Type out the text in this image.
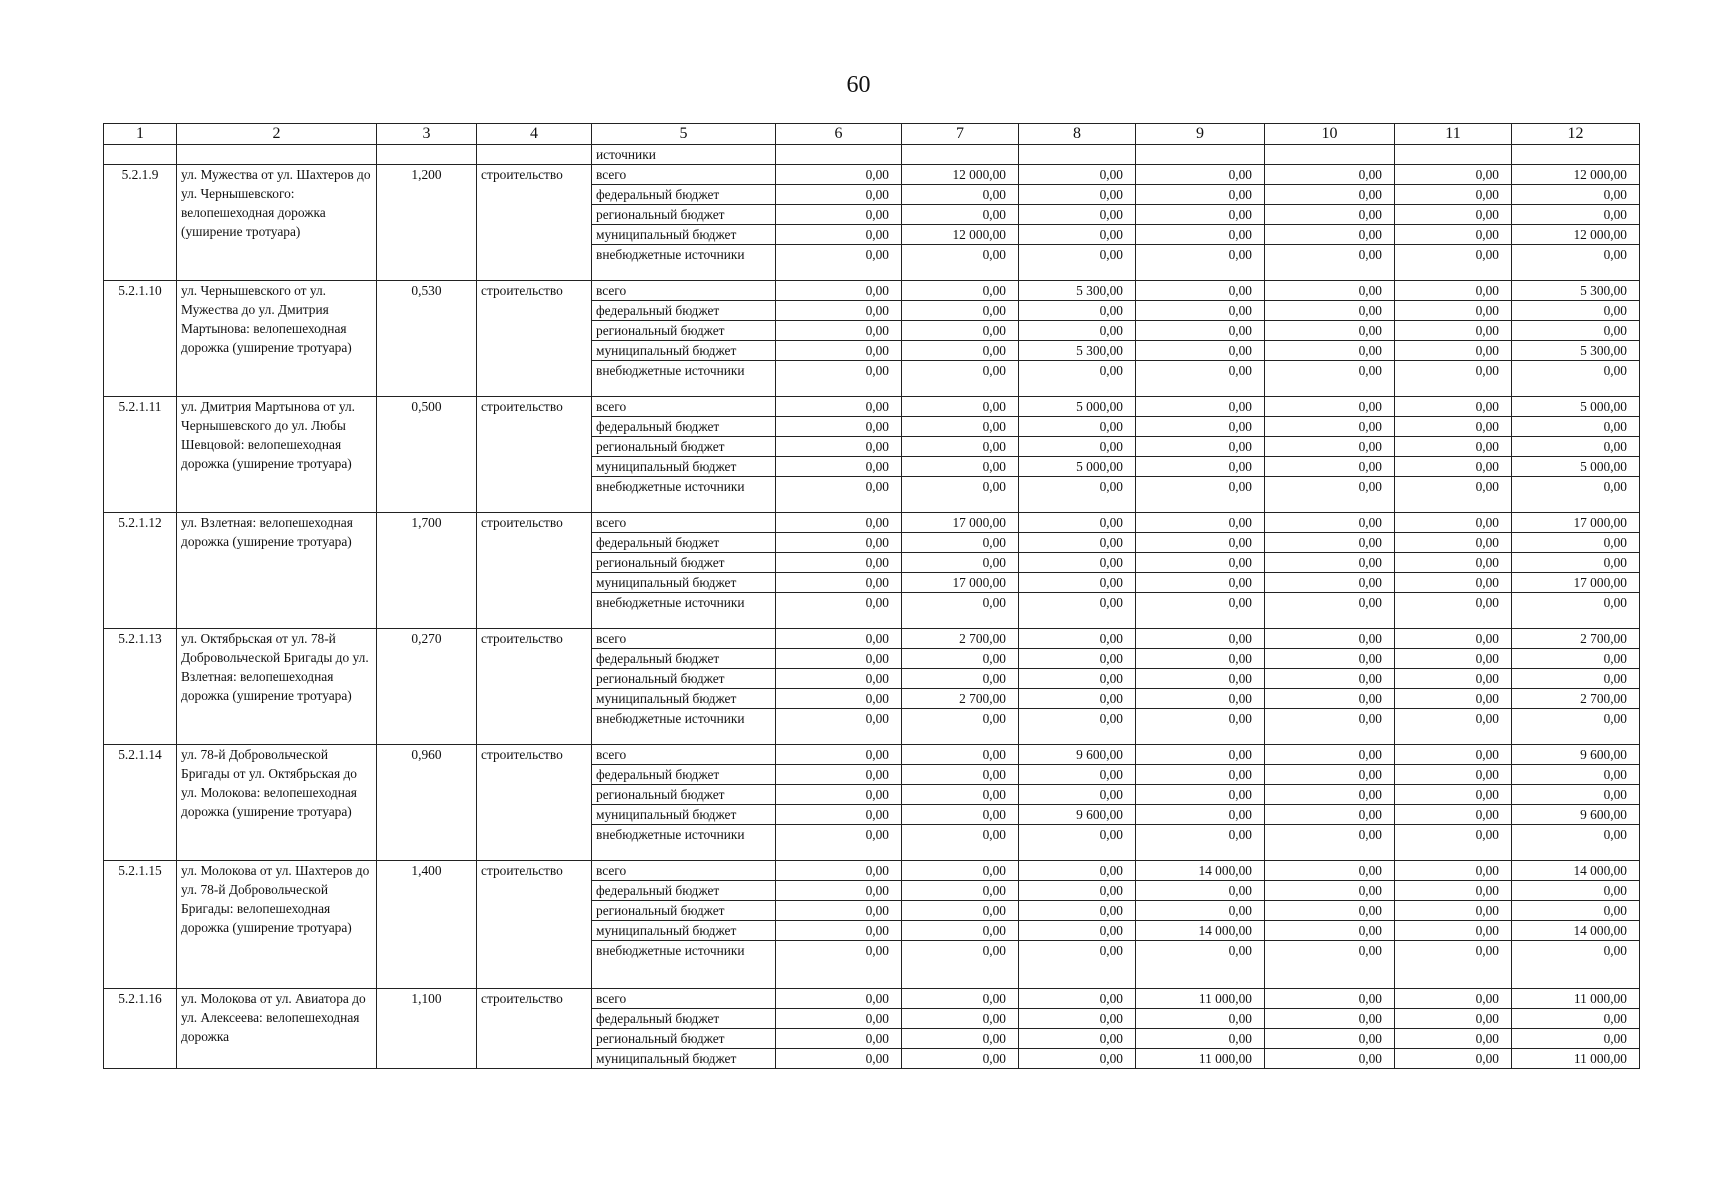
60
1	2	3	4	5	6	7	8	9	10	11	12
				источники							
5.2.1.9	ул. Мужества от ул. Шахтеров до ул. Чернышевского: велопешеходная дорожка (уширение тротуара)	1,200	строительство	всего	0,00	12 000,00	0,00	0,00	0,00	0,00	12 000,00
				федеральный бюджет	0,00	0,00	0,00	0,00	0,00	0,00	0,00
				региональный бюджет	0,00	0,00	0,00	0,00	0,00	0,00	0,00
				муниципальный бюджет	0,00	12 000,00	0,00	0,00	0,00	0,00	12 000,00
				внебюджетные источники	0,00	0,00	0,00	0,00	0,00	0,00	0,00
5.2.1.10	ул. Чернышевского от ул. Мужества до ул. Дмитрия Мартынова: велопешеходная дорожка (уширение тротуара)	0,530	строительство	всего	0,00	0,00	5 300,00	0,00	0,00	0,00	5 300,00
				федеральный бюджет	0,00	0,00	0,00	0,00	0,00	0,00	0,00
				региональный бюджет	0,00	0,00	0,00	0,00	0,00	0,00	0,00
				муниципальный бюджет	0,00	0,00	5 300,00	0,00	0,00	0,00	5 300,00
				внебюджетные источники	0,00	0,00	0,00	0,00	0,00	0,00	0,00
5.2.1.11	ул. Дмитрия Мартынова от ул. Чернышевского до ул. Любы Шевцовой: велопешеходная дорожка (уширение тротуара)	0,500	строительство	всего	0,00	0,00	5 000,00	0,00	0,00	0,00	5 000,00
				федеральный бюджет	0,00	0,00	0,00	0,00	0,00	0,00	0,00
				региональный бюджет	0,00	0,00	0,00	0,00	0,00	0,00	0,00
				муниципальный бюджет	0,00	0,00	5 000,00	0,00	0,00	0,00	5 000,00
				внебюджетные источники	0,00	0,00	0,00	0,00	0,00	0,00	0,00
5.2.1.12	ул. Взлетная: велопешеходная дорожка (уширение тротуара)	1,700	строительство	всего	0,00	17 000,00	0,00	0,00	0,00	0,00	17 000,00
				федеральный бюджет	0,00	0,00	0,00	0,00	0,00	0,00	0,00
				региональный бюджет	0,00	0,00	0,00	0,00	0,00	0,00	0,00
				муниципальный бюджет	0,00	17 000,00	0,00	0,00	0,00	0,00	17 000,00
				внебюджетные источники	0,00	0,00	0,00	0,00	0,00	0,00	0,00
5.2.1.13	ул. Октябрьская от ул. 78-й Добровольческой Бригады до ул. Взлетная: велопешеходная дорожка (уширение тротуара)	0,270	строительство	всего	0,00	2 700,00	0,00	0,00	0,00	0,00	2 700,00
				федеральный бюджет	0,00	0,00	0,00	0,00	0,00	0,00	0,00
				региональный бюджет	0,00	0,00	0,00	0,00	0,00	0,00	0,00
				муниципальный бюджет	0,00	2 700,00	0,00	0,00	0,00	0,00	2 700,00
				внебюджетные источники	0,00	0,00	0,00	0,00	0,00	0,00	0,00
5.2.1.14	ул. 78-й Добровольческой Бригады от ул. Октябрьская до ул. Молокова: велопешеходная дорожка (уширение тротуара)	0,960	строительство	всего	0,00	0,00	9 600,00	0,00	0,00	0,00	9 600,00
				федеральный бюджет	0,00	0,00	0,00	0,00	0,00	0,00	0,00
				региональный бюджет	0,00	0,00	0,00	0,00	0,00	0,00	0,00
				муниципальный бюджет	0,00	0,00	9 600,00	0,00	0,00	0,00	9 600,00
				внебюджетные источники	0,00	0,00	0,00	0,00	0,00	0,00	0,00
5.2.1.15	ул. Молокова от ул. Шахтеров до ул. 78-й Добровольческой Бригады: велопешеходная дорожка (уширение тротуара)	1,400	строительство	всего	0,00	0,00	0,00	14 000,00	0,00	0,00	14 000,00
				федеральный бюджет	0,00	0,00	0,00	0,00	0,00	0,00	0,00
				региональный бюджет	0,00	0,00	0,00	0,00	0,00	0,00	0,00
				муниципальный бюджет	0,00	0,00	0,00	14 000,00	0,00	0,00	14 000,00
				внебюджетные источники	0,00	0,00	0,00	0,00	0,00	0,00	0,00
5.2.1.16	ул. Молокова от ул. Авиатора до ул. Алексеева: велопешеходная дорожка	1,100	строительство	всего	0,00	0,00	0,00	11 000,00	0,00	0,00	11 000,00
				федеральный бюджет	0,00	0,00	0,00	0,00	0,00	0,00	0,00
				региональный бюджет	0,00	0,00	0,00	0,00	0,00	0,00	0,00
				муниципальный бюджет	0,00	0,00	0,00	11 000,00	0,00	0,00	11 000,00
